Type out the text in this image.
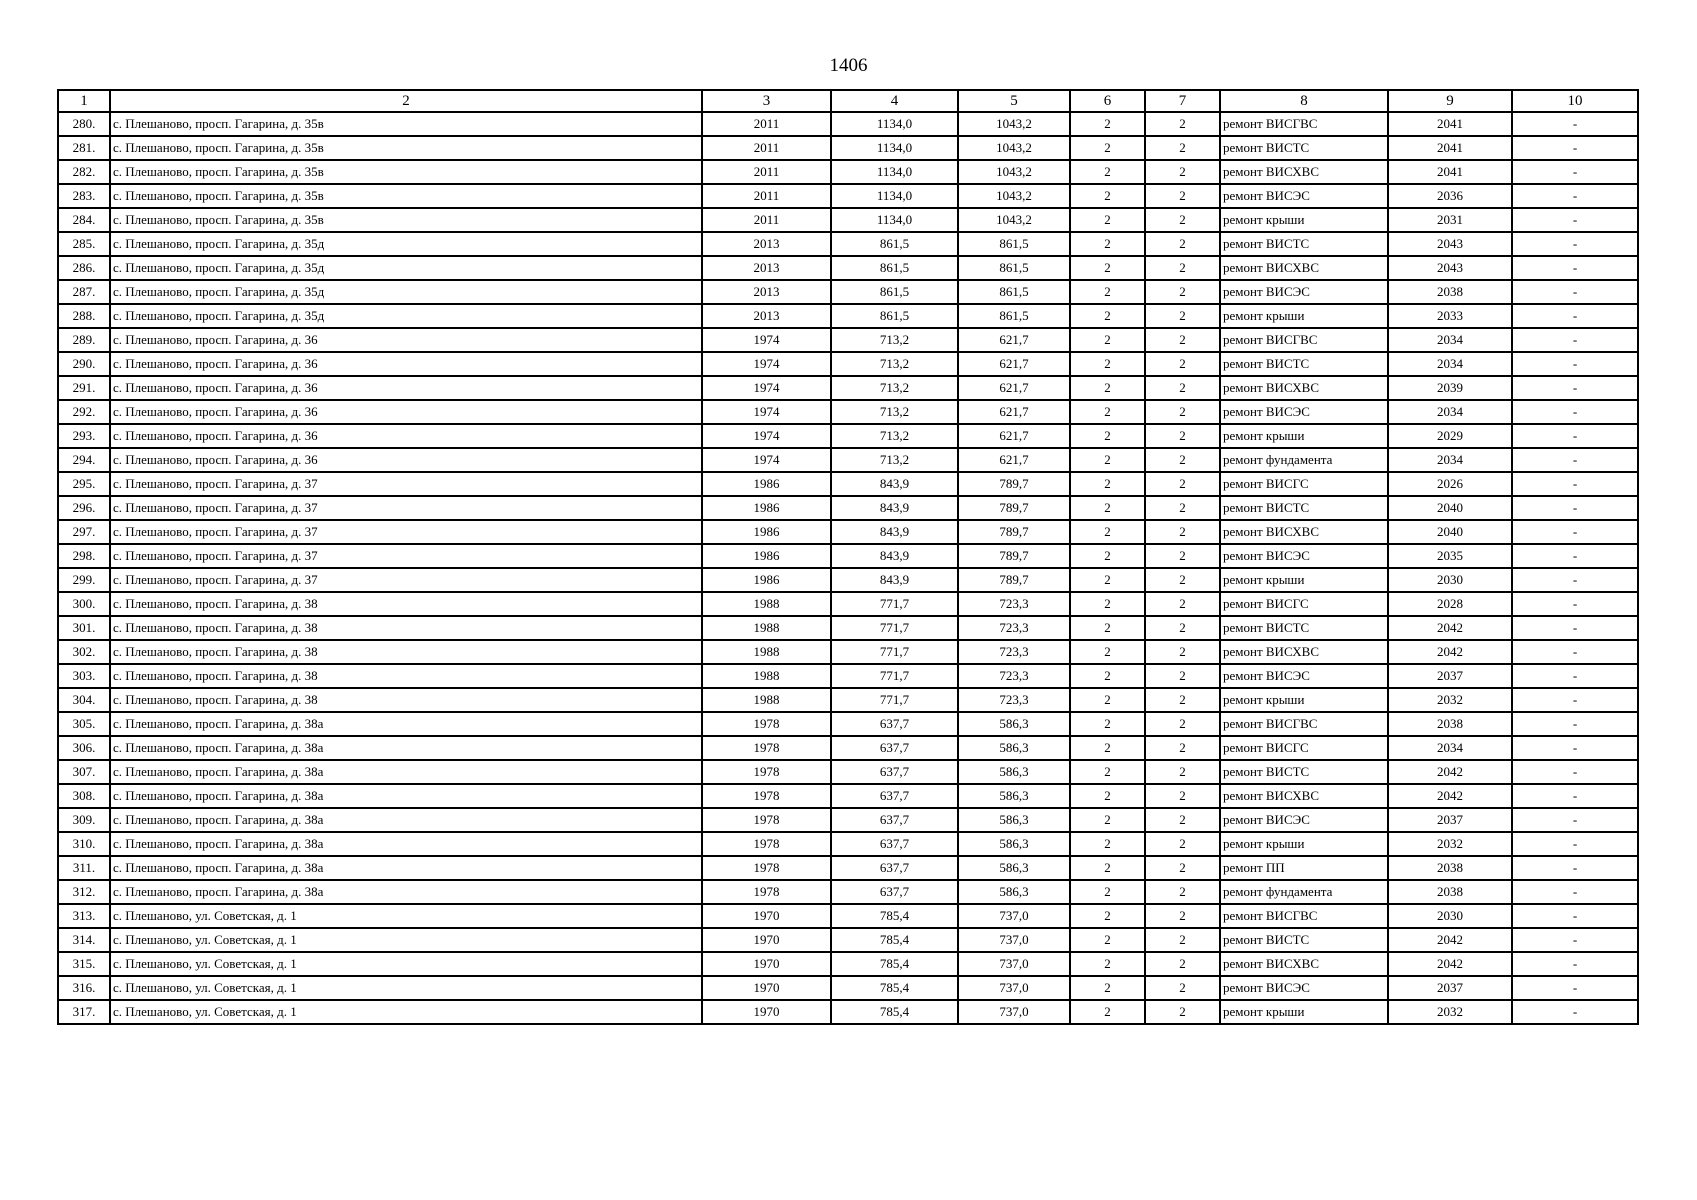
1406
1	2	3	4	5	6	7	8	9	10
280.	с. Плешаново, просп. Гагарина, д. 35в	2011	1134,0	1043,2	2	2	ремонт ВИСГВС	2041	-
281.	с. Плешаново, просп. Гагарина, д. 35в	2011	1134,0	1043,2	2	2	ремонт ВИСТС	2041	-
282.	с. Плешаново, просп. Гагарина, д. 35в	2011	1134,0	1043,2	2	2	ремонт ВИСХВС	2041	-
283.	с. Плешаново, просп. Гагарина, д. 35в	2011	1134,0	1043,2	2	2	ремонт ВИСЭС	2036	-
284.	с. Плешаново, просп. Гагарина, д. 35в	2011	1134,0	1043,2	2	2	ремонт крыши	2031	-
285.	с. Плешаново, просп. Гагарина, д. 35д	2013	861,5	861,5	2	2	ремонт ВИСТС	2043	-
286.	с. Плешаново, просп. Гагарина, д. 35д	2013	861,5	861,5	2	2	ремонт ВИСХВС	2043	-
287.	с. Плешаново, просп. Гагарина, д. 35д	2013	861,5	861,5	2	2	ремонт ВИСЭС	2038	-
288.	с. Плешаново, просп. Гагарина, д. 35д	2013	861,5	861,5	2	2	ремонт крыши	2033	-
289.	с. Плешаново, просп. Гагарина, д. 36	1974	713,2	621,7	2	2	ремонт ВИСГВС	2034	-
290.	с. Плешаново, просп. Гагарина, д. 36	1974	713,2	621,7	2	2	ремонт ВИСТС	2034	-
291.	с. Плешаново, просп. Гагарина, д. 36	1974	713,2	621,7	2	2	ремонт ВИСХВС	2039	-
292.	с. Плешаново, просп. Гагарина, д. 36	1974	713,2	621,7	2	2	ремонт ВИСЭС	2034	-
293.	с. Плешаново, просп. Гагарина, д. 36	1974	713,2	621,7	2	2	ремонт крыши	2029	-
294.	с. Плешаново, просп. Гагарина, д. 36	1974	713,2	621,7	2	2	ремонт фундамента	2034	-
295.	с. Плешаново, просп. Гагарина, д. 37	1986	843,9	789,7	2	2	ремонт ВИСГС	2026	-
296.	с. Плешаново, просп. Гагарина, д. 37	1986	843,9	789,7	2	2	ремонт ВИСТС	2040	-
297.	с. Плешаново, просп. Гагарина, д. 37	1986	843,9	789,7	2	2	ремонт ВИСХВС	2040	-
298.	с. Плешаново, просп. Гагарина, д. 37	1986	843,9	789,7	2	2	ремонт ВИСЭС	2035	-
299.	с. Плешаново, просп. Гагарина, д. 37	1986	843,9	789,7	2	2	ремонт крыши	2030	-
300.	с. Плешаново, просп. Гагарина, д. 38	1988	771,7	723,3	2	2	ремонт ВИСГС	2028	-
301.	с. Плешаново, просп. Гагарина, д. 38	1988	771,7	723,3	2	2	ремонт ВИСТС	2042	-
302.	с. Плешаново, просп. Гагарина, д. 38	1988	771,7	723,3	2	2	ремонт ВИСХВС	2042	-
303.	с. Плешаново, просп. Гагарина, д. 38	1988	771,7	723,3	2	2	ремонт ВИСЭС	2037	-
304.	с. Плешаново, просп. Гагарина, д. 38	1988	771,7	723,3	2	2	ремонт крыши	2032	-
305.	с. Плешаново, просп. Гагарина, д. 38а	1978	637,7	586,3	2	2	ремонт ВИСГВС	2038	-
306.	с. Плешаново, просп. Гагарина, д. 38а	1978	637,7	586,3	2	2	ремонт ВИСГС	2034	-
307.	с. Плешаново, просп. Гагарина, д. 38а	1978	637,7	586,3	2	2	ремонт ВИСТС	2042	-
308.	с. Плешаново, просп. Гагарина, д. 38а	1978	637,7	586,3	2	2	ремонт ВИСХВС	2042	-
309.	с. Плешаново, просп. Гагарина, д. 38а	1978	637,7	586,3	2	2	ремонт ВИСЭС	2037	-
310.	с. Плешаново, просп. Гагарина, д. 38а	1978	637,7	586,3	2	2	ремонт крыши	2032	-
311.	с. Плешаново, просп. Гагарина, д. 38а	1978	637,7	586,3	2	2	ремонт ПП	2038	-
312.	с. Плешаново, просп. Гагарина, д. 38а	1978	637,7	586,3	2	2	ремонт фундамента	2038	-
313.	с. Плешаново, ул. Советская, д. 1	1970	785,4	737,0	2	2	ремонт ВИСГВС	2030	-
314.	с. Плешаново, ул. Советская, д. 1	1970	785,4	737,0	2	2	ремонт ВИСТС	2042	-
315.	с. Плешаново, ул. Советская, д. 1	1970	785,4	737,0	2	2	ремонт ВИСХВС	2042	-
316.	с. Плешаново, ул. Советская, д. 1	1970	785,4	737,0	2	2	ремонт ВИСЭС	2037	-
317.	с. Плешаново, ул. Советская, д. 1	1970	785,4	737,0	2	2	ремонт крыши	2032	-
